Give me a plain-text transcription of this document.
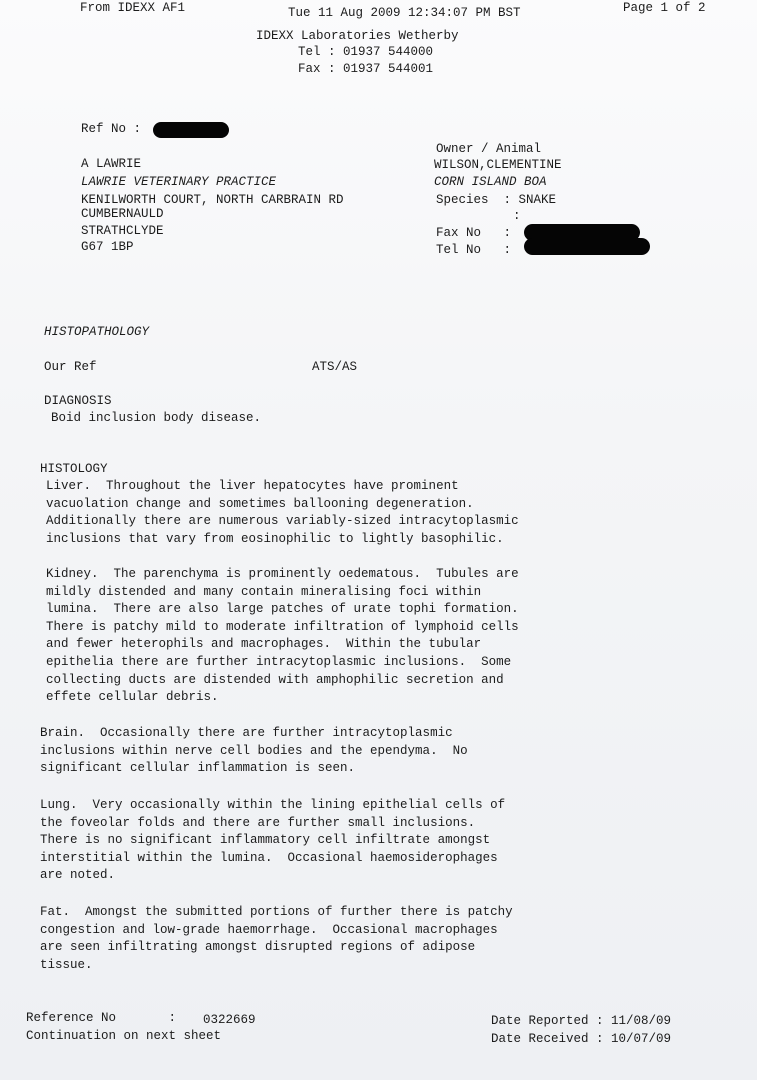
From IDEXX AF1	Tue 11 Aug 2009 12:34:07 PM BST	Page 1 of 2
IDEXX Laboratories Wetherby
Tel : 01937 544000
Fax : 01937 544001
Ref No :
A LAWRIE
LAWRIE VETERINARY PRACTICE
KENILWORTH COURT, NORTH CARBRAIN RD
CUMBERNAULD
STRATHCLYDE
G67 1BP
Owner / Animal
WILSON,CLEMENTINE
CORN ISLAND BOA
Species  : SNAKE
:
Fax No   :
Tel No   :
HISTOPATHOLOGY
Our Ref	ATS/AS
DIAGNOSIS
Boid inclusion body disease.
HISTOLOGY
Liver.  Throughout the liver hepatocytes have prominent
vacuolation change and sometimes ballooning degeneration.
Additionally there are numerous variably-sized intracytoplasmic
inclusions that vary from eosinophilic to lightly basophilic.
Kidney.  The parenchyma is prominently oedematous.  Tubules are
mildly distended and many contain mineralising foci within
lumina.  There are also large patches of urate tophi formation.
There is patchy mild to moderate infiltration of lymphoid cells
and fewer heterophils and macrophages.  Within the tubular
epithelia there are further intracytoplasmic inclusions.  Some
collecting ducts are distended with amphophilic secretion and
effete cellular debris.
Brain.  Occasionally there are further intracytoplasmic
inclusions within nerve cell bodies and the ependyma.  No
significant cellular inflammation is seen.
Lung.  Very occasionally within the lining epithelial cells of
the foveolar folds and there are further small inclusions.
There is no significant inflammatory cell infiltrate amongst
interstitial within the lumina.  Occasional haemosiderophages
are noted.
Fat.  Amongst the submitted portions of further there is patchy
congestion and low-grade haemorrhage.  Occasional macrophages
are seen infiltrating amongst disrupted regions of adipose
tissue.
Reference No       : 0322669
Continuation on next sheet
Date Reported : 11/08/09
Date Received : 10/07/09
